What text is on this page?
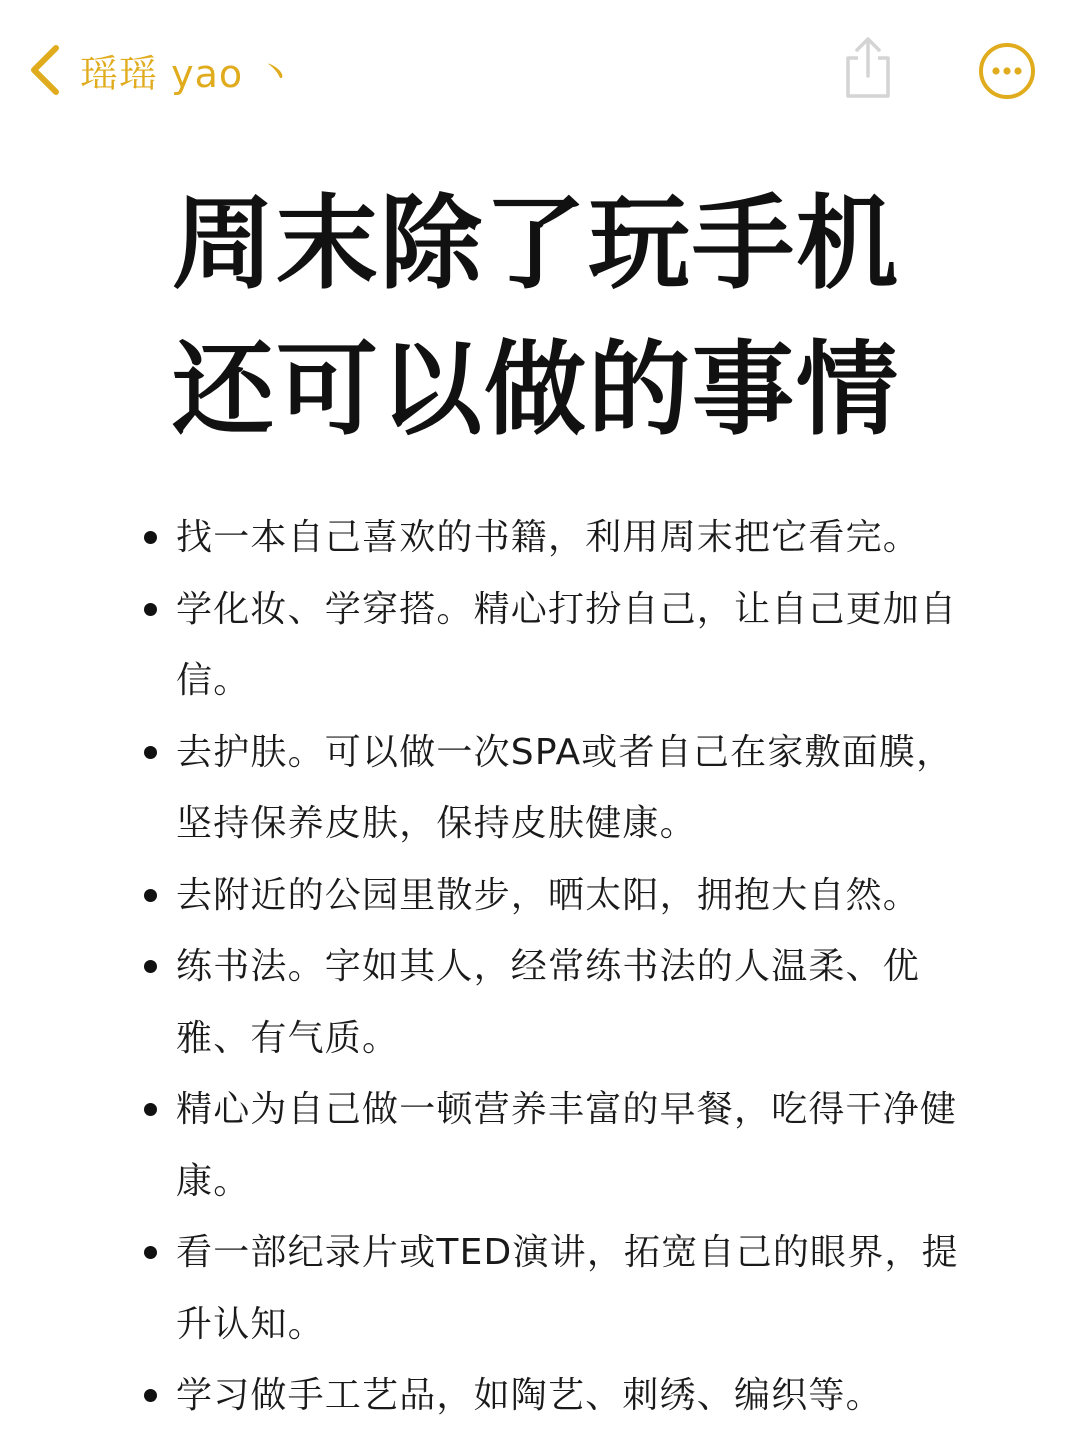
瑶瑶 yao 丶
周末除了玩手机
还可以做的事情
找一本自己喜欢的书籍，利用周末把它看完。
学化妆、学穿搭。精心打扮自己，让自己更加自信。
去护肤。可以做一次SPA或者自己在家敷面膜，坚持保养皮肤，保持皮肤健康。
去附近的公园里散步，晒太阳，拥抱大自然。
练书法。字如其人，经常练书法的人温柔、优雅、有气质。
精心为自己做一顿营养丰富的早餐，吃得干净健康。
看一部纪录片或TED演讲，拓宽自己的眼界，提升认知。
学习做手工艺品，如陶艺、刺绣、编织等。
